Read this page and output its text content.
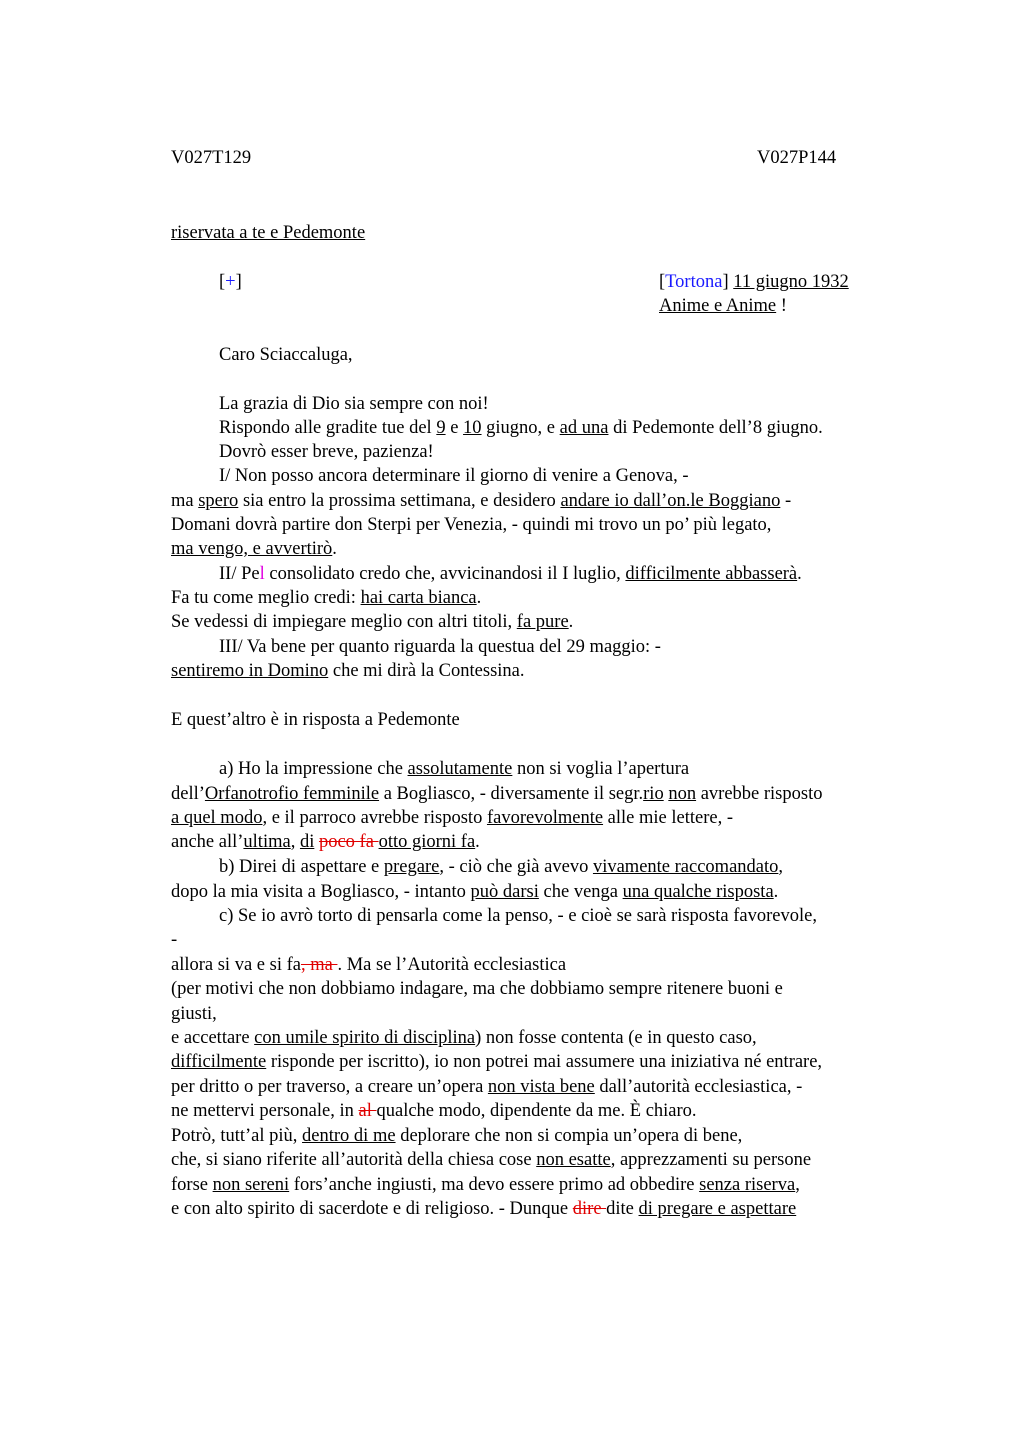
V027T129	V027P144
riservata a te e Pedemonte
[+]	[Tortona] 11 giugno 1932
Anime e Anime !
Caro Sciaccaluga,
La grazia di Dio sia sempre con noi!
Rispondo alle gradite tue del 9 e 10 giugno, e ad una di Pedemonte dell’8 giugno.
Dovrò esser breve, pazienza!
I/ Non posso ancora determinare il giorno di venire a Genova, -
ma spero sia entro la prossima settimana, e desidero andare io dall’on.le Boggiano -
Domani dovrà partire don Sterpi per Venezia, - quindi mi trovo un po’ più legato,
ma vengo, e avvertirò.
II/ Pel consolidato credo che, avvicinandosi il I luglio, difficilmente abbasserà.
Fa tu come meglio credi: hai carta bianca.
Se vedessi di impiegare meglio con altri titoli, fa pure.
III/ Va bene per quanto riguarda la questua del 29 maggio: -
sentiremo in Domino che mi dirà la Contessina.
E quest’altro è in risposta a Pedemonte
a) Ho la impressione che assolutamente non si voglia l’apertura
dell’Orfanotrofio femminile a Bogliasco, - diversamente il segr.rio non avrebbe risposto
a quel modo, e il parroco avrebbe risposto favorevolmente alle mie lettere, -
anche all’ultima, di poco fa otto giorni fa.
b) Direi di aspettare e pregare, - ciò che già avevo vivamente raccomandato,
dopo la mia visita a Bogliasco, - intanto può darsi che venga una qualche risposta.
c) Se io avrò torto di pensarla come la penso, - e cioè se sarà risposta favorevole,
-
allora si va e si fa, ma . Ma se l’Autorità ecclesiastica
(per motivi che non dobbiamo indagare, ma che dobbiamo sempre ritenere buoni e
giusti,
e accettare con umile spirito di disciplina) non fosse contenta (e in questo caso,
difficilmente risponde per iscritto), io non potrei mai assumere una iniziativa né entrare,
per dritto o per traverso, a creare un’opera non vista bene dall’autorità ecclesiastica, -
ne mettervi personale, in al qualche modo, dipendente da me. È chiaro.
Potrò, tutt’al più, dentro di me deplorare che non si compia un’opera di bene,
che, si siano riferite all’autorità della chiesa cose non esatte, apprezzamenti su persone
forse non sereni fors’anche ingiusti, ma devo essere primo ad obbedire senza riserva,
e con alto spirito di sacerdote e di religioso. - Dunque dire dite di pregare e aspettare
